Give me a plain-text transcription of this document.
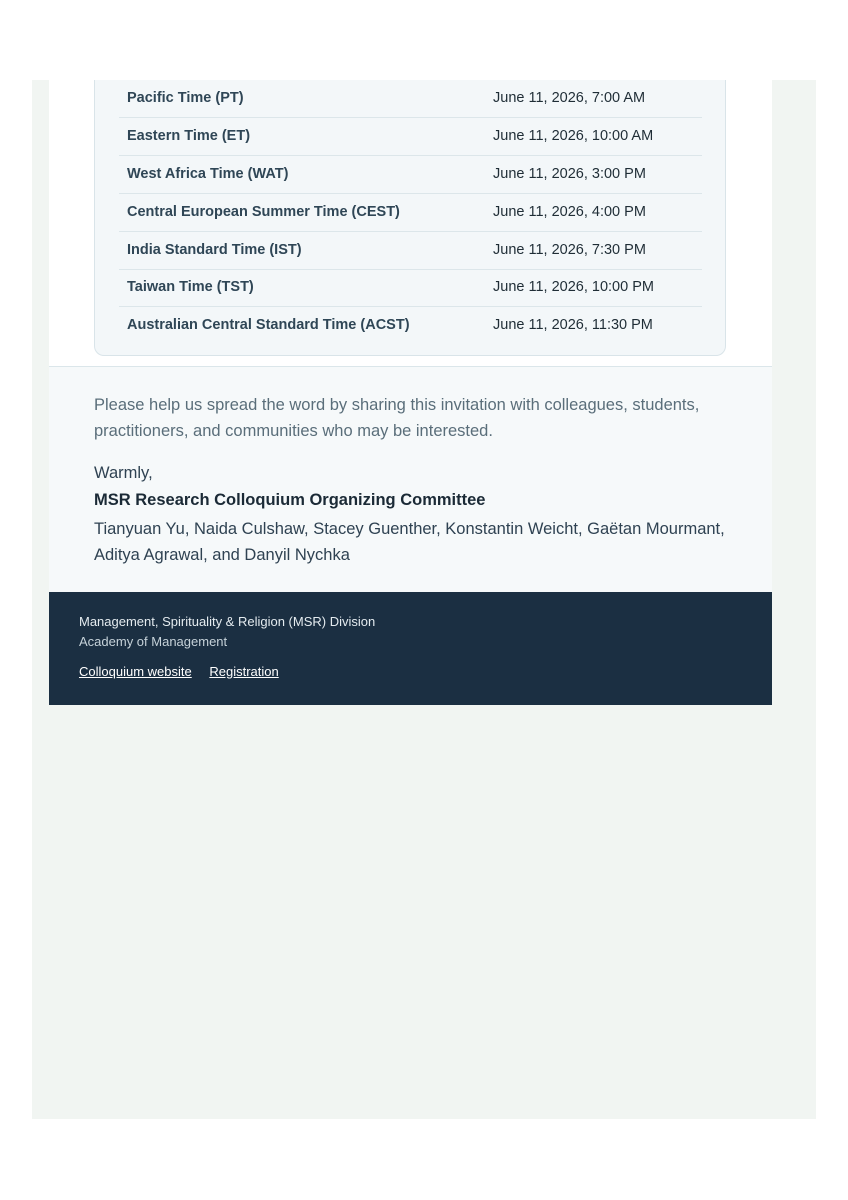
Pacific Time (PT)	June 11, 2026, 7:00 AM
Eastern Time (ET)	June 11, 2026, 10:00 AM
West Africa Time (WAT)	June 11, 2026, 3:00 PM
Central European Summer Time (CEST)	June 11, 2026, 4:00 PM
India Standard Time (IST)	June 11, 2026, 7:30 PM
Taiwan Time (TST)	June 11, 2026, 10:00 PM
Australian Central Standard Time (ACST)	June 11, 2026, 11:30 PM
Please help us spread the word by sharing this invitation with colleagues, students, practitioners, and communities who may be interested.
Warmly,
MSR Research Colloquium Organizing Committee
Tianyuan Yu, Naida Culshaw, Stacey Guenther, Konstantin Weicht, Gaëtan Mourmant, Aditya Agrawal, and Danyil Nychka
Management, Spirituality & Religion (MSR) Division
Academy of Management
Colloquium website Registration
